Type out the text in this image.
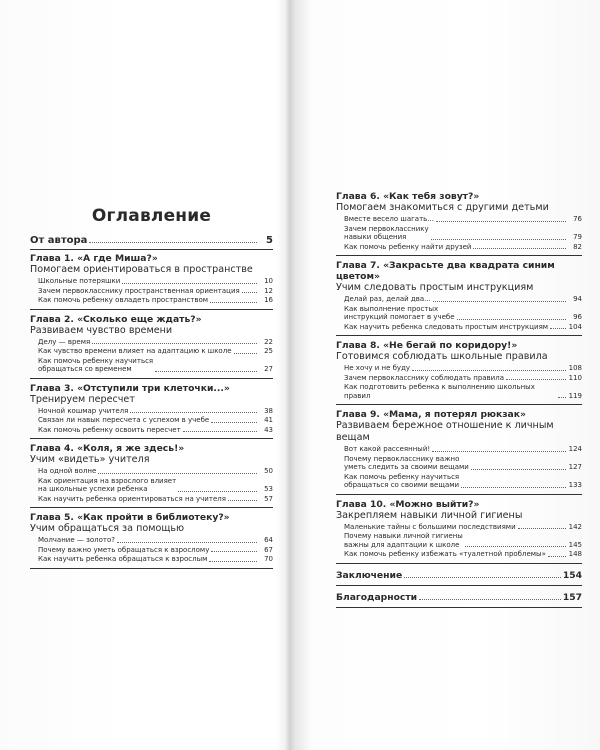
Оглавление
От автора	5
Глава 1. «А где Миша?»
Помогаем ориентироваться в пространстве
Школьные потеряшки	10
Зачем первокласснику пространственная ориентация	12
Как помочь ребенку овладеть пространством	16
Глава 2. «Сколько еще ждать?»
Развиваем чувство времени
Делу — время	22
Как чувство времени влияет на адаптацию к школе	25
Как помочь ребенку научиться
обращаться со временем	27
Глава 3. «Отступили три клеточки...»
Тренируем пересчет
Ночной кошмар учителя	38
Связан ли навык пересчета с успехом в учебе	41
Как помочь ребенку освоить пересчет	43
Глава 4. «Коля, я же здесь!»
Учим «видеть» учителя
На одной волне	50
Как ориентация на взрослого влияет
на школьные успехи ребенка	53
Как научить ребенка ориентироваться на учителя	57
Глава 5. «Как пройти в библиотеку?»
Учим обращаться за помощью
Молчание — золото?	64
Почему важно уметь обращаться к взрослому	67
Как научить ребенка обращаться к взрослым	70
Глава 6. «Как тебя зовут?»
Помогаем знакомиться с другими детьми
Вместе весело шагать...	76
Зачем первокласснику
навыки общения	79
Как помочь ребенку найти друзей	82
Глава 7. «Закрасьте два квадрата синим цветом»
Учим следовать простым инструкциям
Делай раз, делай два...	94
Как выполнение простых
инструкций помогает в учебе	96
Как научить ребенка следовать простым инструкциям	104
Глава 8. «Не бегай по коридору!»
Готовимся соблюдать школьные правила
Не хочу и не буду	108
Зачем первокласснику соблюдать правила	110
Как подготовить ребенка к выполнению школьных правил	119
Глава 9. «Мама, я потерял рюкзак»
Развиваем бережное отношение к личным вещам
Вот какой рассеянный!	124
Почему первокласснику важно
уметь следить за своими вещами	127
Как помочь ребенку научиться
обращаться со своими вещами	133
Глава 10. «Можно выйти?»
Закрепляем навыки личной гигиены
Маленькие тайны с большими последствиями	142
Почему навыки личной гигиены
важны для адаптации к школе	145
Как помочь ребенку избежать «туалетной проблемы»	148
Заключение	154
Благодарности	157
